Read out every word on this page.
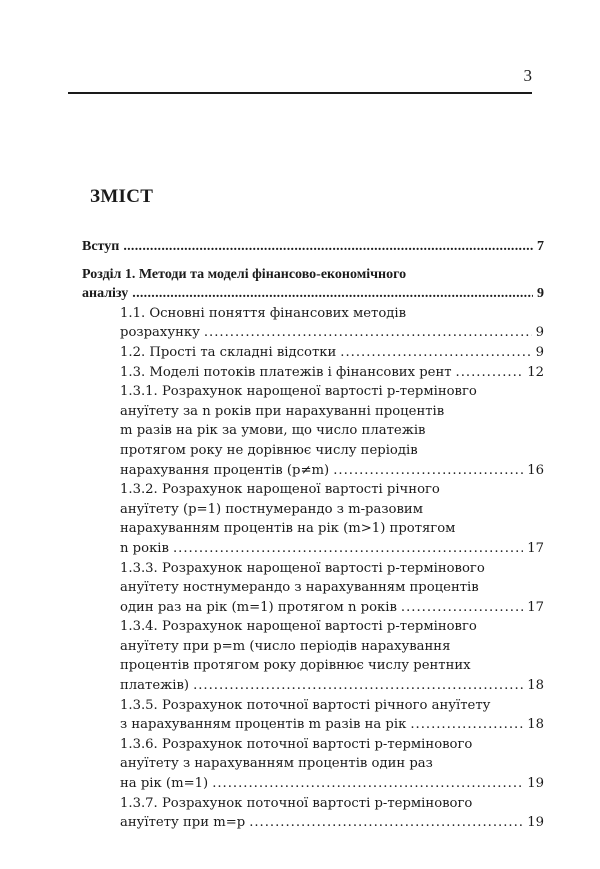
3
ЗМІСТ
Вступ . . .	7
Розділ 1. Методи та моделі фінансово-економічного
аналізу . . .	9
1.1. Основні поняття фінансових методів
розрахунку . . .	9
1.2. Прості та складні відсотки . . .	9
1.3. Моделі потоків платежів і фінансових рент . . .	12
1.3.1. Розрахунок нарощеної вартості p-терміновгo
ануїтету за n років при нарахуванні процентів
m разів на рік за умови, що число платежів
протягом року не дорівнює числу періодів
нарахування процентів (p≠m) . . .	16
1.3.2. Розрахунок нарощеної вартості річного
ануїтету (p=1) постнумерандо з m-разовим
нарахуванням процентів на рік (m>1) протягом
n років . . .	17
1.3.3. Розрахунок нарощеної вартості p-термінового
ануїтету ностнумерандо з нарахуванням процентів
один раз на рік (m=1) протягом n років . . .	17
1.3.4. Розрахунок нарощеної вартості p-терміновгo
ануїтету при p=m (число періодів нарахування
процентів протягом року дорівнює числу рентних
платежів) . . .	18
1.3.5. Розрахунок поточної вартості річного ануїтету
з нарахуванням процентів m разів на рік . . .	18
1.3.6. Розрахунок поточної вартості p-термінового
ануїтету з нарахуванням процентів один раз
на рік (m=1) . . .	19
1.3.7. Розрахунок поточної вартості p-термінового
ануїтету при m=p . . .	19
